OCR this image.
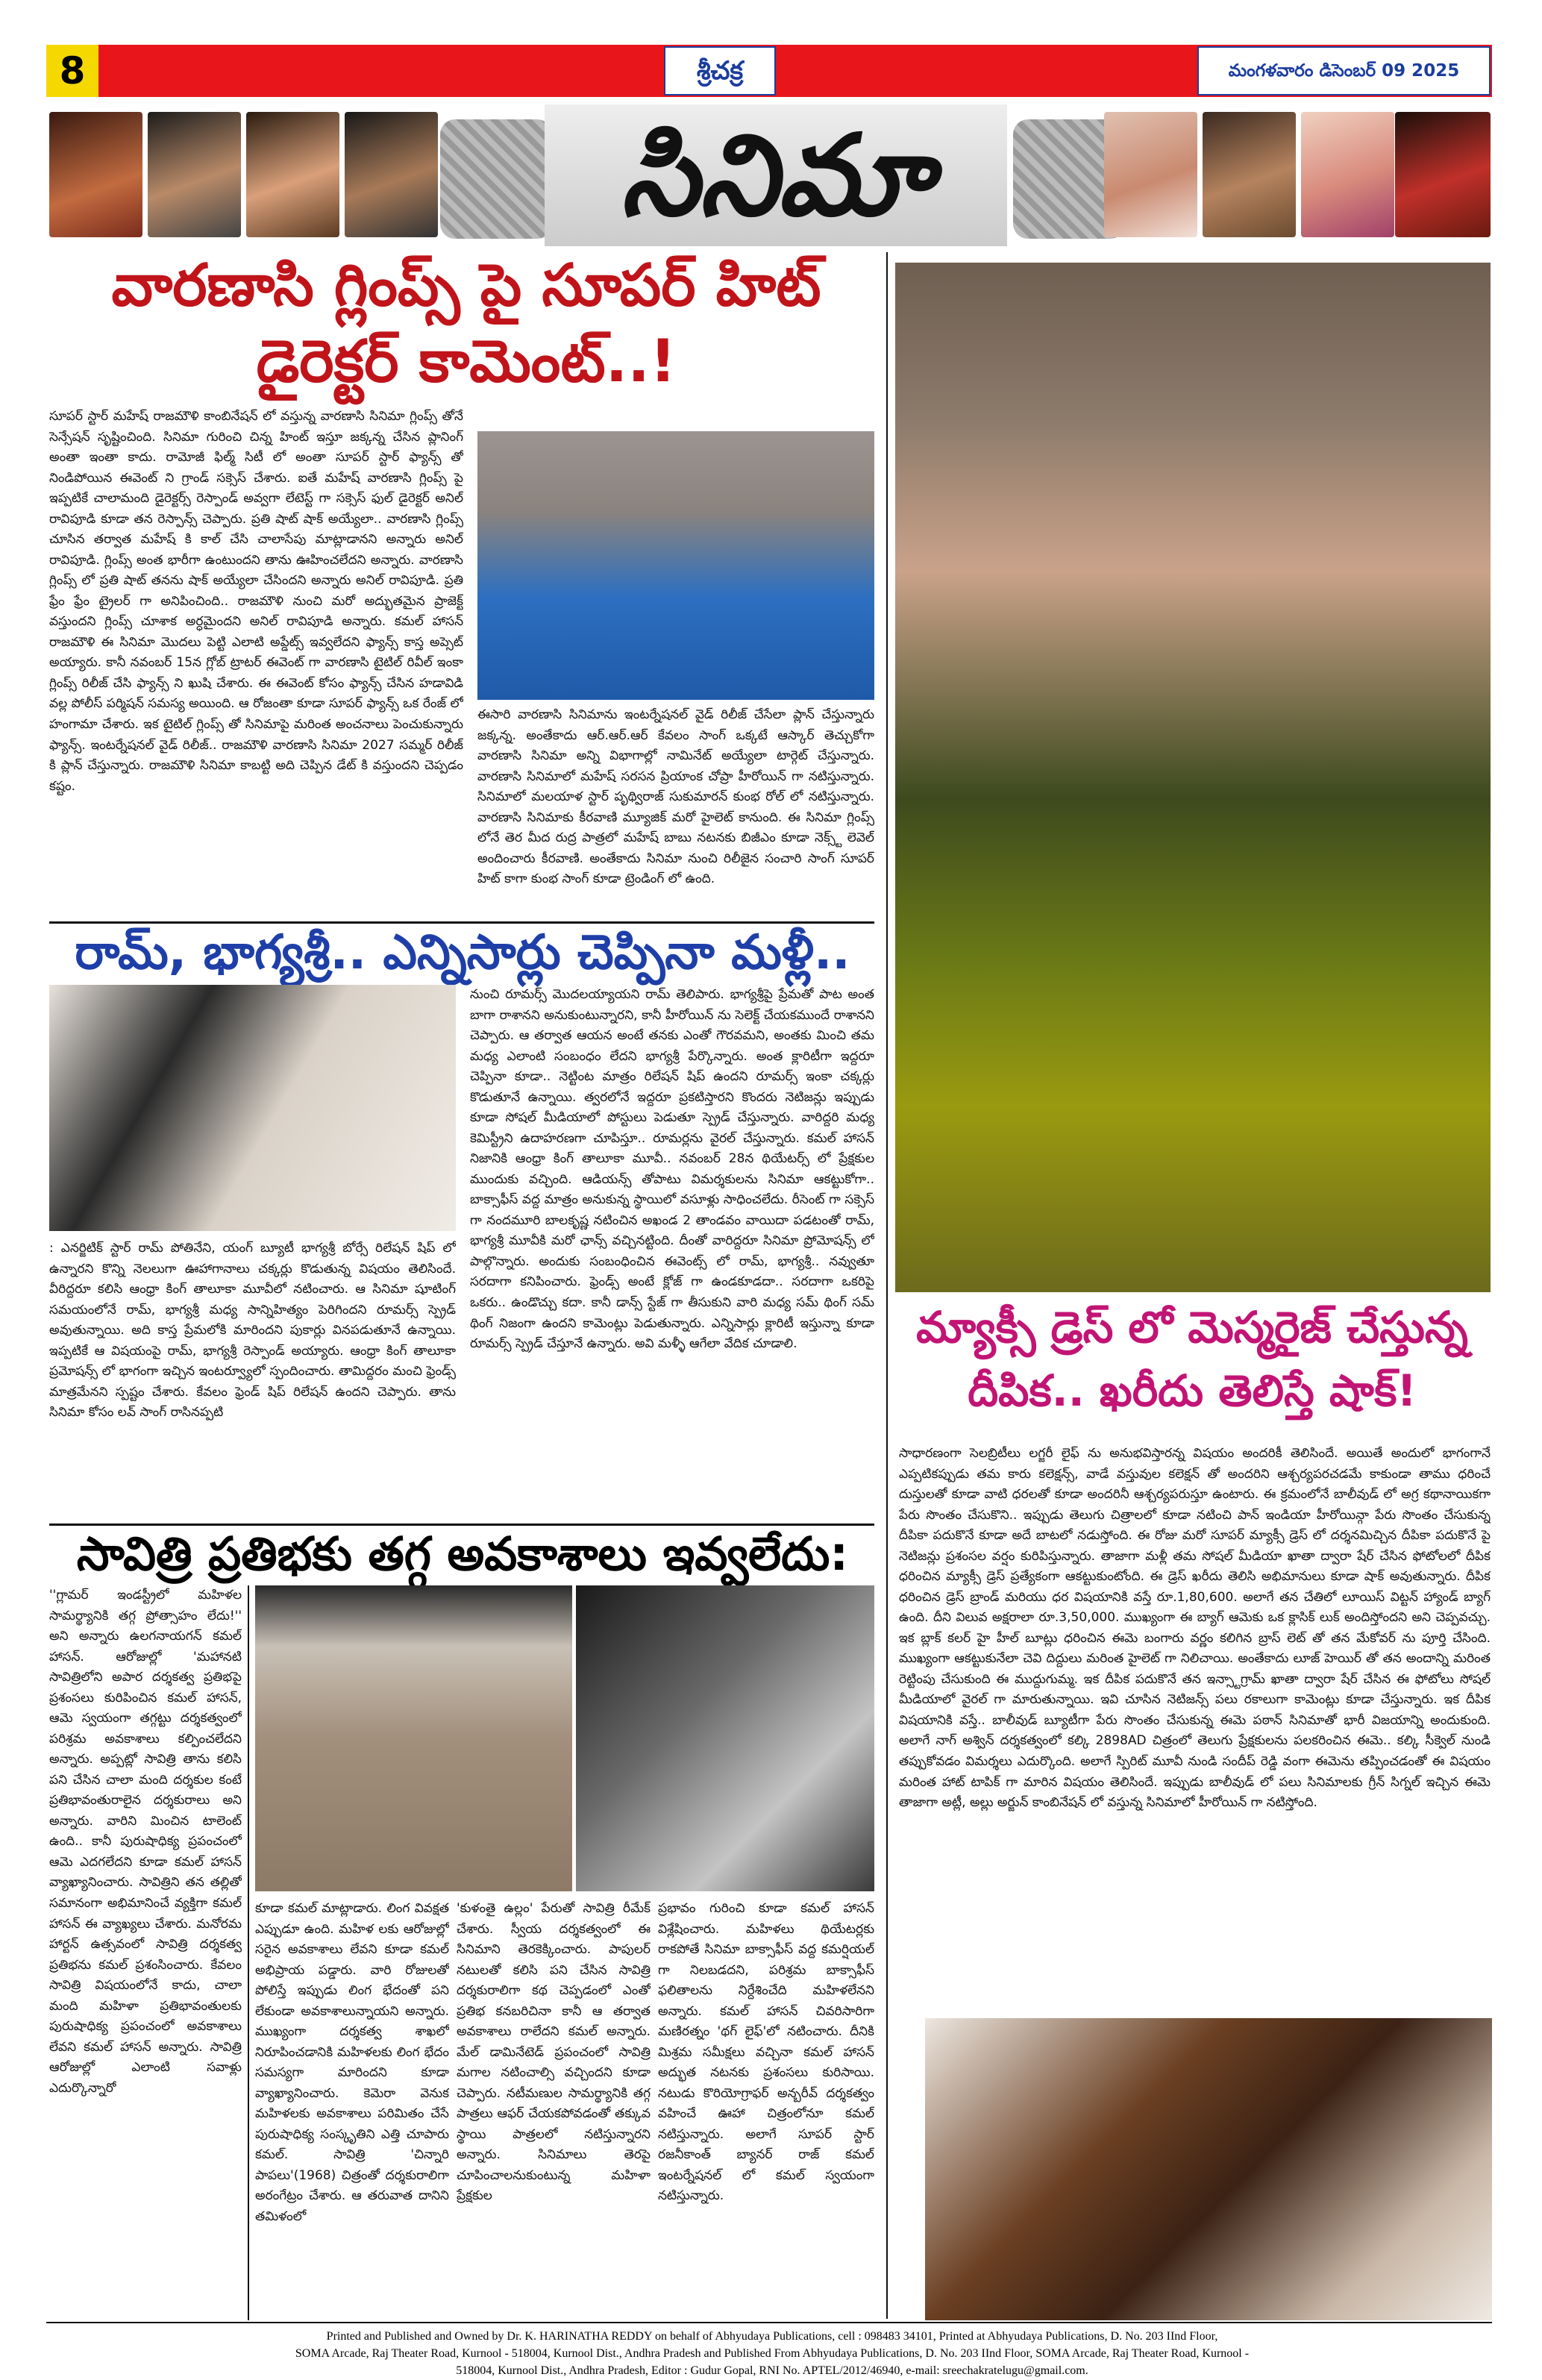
8	శ్రీచక్ర	మంగళవారం డిసెంబర్ 09 2025
సినిమా
వారణాసి గ్లింప్స్ పై సూపర్ హిట్
డైరెక్టర్ కామెంట్..!
సూపర్ స్టార్ మహేష్ రాజమౌళి కాంబినేషన్ లో వస్తున్న వారణాసి సినిమా గ్లింప్స్ తోనే సెన్సేషన్ సృష్టించింది. సినిమా గురించి చిన్న హింట్ ఇస్తూ జక్కన్న చేసిన ప్లానింగ్ అంతా ఇంతా కాదు. రామోజీ ఫిల్మ్ సిటీ లో అంతా సూపర్ స్టార్ ఫ్యాన్స్ తో నిండిపోయిన ఈవెంట్ ని గ్రాండ్ సక్సెస్ చేశారు. ఐతే మహేష్ వారణాసి గ్లింప్స్ పై ఇప్పటికే చాలామంది డైరెక్టర్స్ రెస్పాండ్ అవ్వగా లేటెస్ట్ గా సక్సెస్ ఫుల్ డైరెక్టర్ అనిల్ రావిపూడి కూడా తన రెస్పాన్స్ చెప్పారు. ప్రతి షాట్ షాక్ అయ్యేలా.. వారణాసి గ్లింప్స్ చూసిన తర్వాత మహేష్ కి కాల్ చేసి చాలాసేపు మాట్లాడానని అన్నారు అనిల్ రావిపూడి. గ్లింప్స్ అంత భారీగా ఉంటుందని తాను ఊహించలేదని అన్నారు. వారణాసి గ్లింప్స్ లో ప్రతి షాట్ తనను షాక్ అయ్యేలా చేసిందని అన్నారు అనిల్ రావిపూడి. ప్రతి ఫ్రేం ఫ్రేం ట్రైలర్ గా అనిపించింది.. రాజమౌళి నుంచి మరో అద్భుతమైన ప్రాజెక్ట్ వస్తుందని గ్లింప్స్ చూశాక అర్ధమైందని అనిల్ రావిపూడి అన్నారు. కమల్ హాసన్ రాజమౌళి ఈ సినిమా మొదలు పెట్టి ఎలాటి అప్డేట్స్ ఇవ్వలేదని ఫ్యాన్స్ కాస్త అప్సెట్ అయ్యారు. కానీ నవంబర్ 15న గ్లోబ్ ట్రాటర్ ఈవెంట్ గా వారణాసి టైటిల్ రివీల్ ఇంకా గ్లింప్స్ రిలీజ్ చేసి ఫ్యాన్స్ ని ఖుషి చేశారు. ఈ ఈవెంట్ కోసం ఫ్యాన్స్ చేసిన హడావిడి వల్ల పోలీస్ పర్మిషన్ సమస్య అయింది. ఆ రోజంతా కూడా సూపర్ ఫ్యాన్స్ ఒక రేంజ్ లో హంగామా చేశారు. ఇక టైటిల్ గ్లింప్స్ తో సినిమాపై మరింత అంచనాలు పెంచుకున్నారు ఫ్యాన్స్. ఇంటర్నేషనల్ వైడ్ రిలీజ్.. రాజమౌళి వారణాసి సినిమా 2027 సమ్మర్ రిలీజ్ కి ప్లాన్ చేస్తున్నారు. రాజమౌళి సినిమా కాబట్టి అది చెప్పిన డేట్ కి వస్తుందని చెప్పడం కష్టం.
ఈసారి వారణాసి సినిమాను ఇంటర్నేషనల్ వైడ్ రిలీజ్ చేసేలా ప్లాన్ చేస్తున్నారు జక్కన్న. అంతేకాదు ఆర్.ఆర్.ఆర్ కేవలం సాంగ్ ఒక్కటే ఆస్కార్ తెచ్చుకోగా వారణాసి సినిమా అన్ని విభాగాల్లో నామినేట్ అయ్యేలా టార్గెట్ చేస్తున్నారు. వారణాసి సినిమాలో మహేష్ సరసన ప్రియాంక చోప్రా హీరోయిన్ గా నటిస్తున్నారు. సినిమాలో మలయాళ స్టార్ పృథ్విరాజ్ సుకుమారన్ కుంభ రోల్ లో నటిస్తున్నారు. వారణాసి సినిమాకు కీరవాణి మ్యూజిక్ మరో హైలెట్ కానుంది. ఈ సినిమా గ్లింప్స్ లోనే తెర మీద రుద్ర పాత్రలో మహేష్ బాబు నటనకు బిజీఎం కూడా నెక్స్ట్ లెవెల్ అందించారు కీరవాణి. అంతేకాదు సినిమా నుంచి రిలీజైన సంచారి సాంగ్ సూపర్ హిట్ కాగా కుంభ సాంగ్ కూడా ట్రెండింగ్ లో ఉంది.
రామ్, భాగ్యశ్రీ.. ఎన్నిసార్లు చెప్పినా మళ్లీ..
: ఎనర్జిటిక్ స్టార్ రామ్ పోతినేని, యంగ్ బ్యూటీ భాగ్యశ్రీ బోర్సే రిలేషన్ షిప్ లో ఉన్నారని కొన్ని నెలలుగా ఊహాగానాలు చక్కర్లు కొడుతున్న విషయం తెలిసిందే. వీరిద్దరూ కలిసి ఆంధ్రా కింగ్ తాలూకా మూవీలో నటించారు. ఆ సినిమా షూటింగ్ సమయంలోనే రామ్, భాగ్యశ్రీ మధ్య సాన్నిహిత్యం పెరిగిందని రూమర్స్ స్ప్రెడ్ అవుతున్నాయి. అది కాస్త ప్రేమలోకి మారిందని పుకార్లు వినపడుతూనే ఉన్నాయి. ఇప్పటికే ఆ విషయంపై రామ్, భాగ్యశ్రీ రెస్పాండ్ అయ్యారు. ఆంధ్రా కింగ్ తాలూకా ప్రమోషన్స్ లో భాగంగా ఇచ్చిన ఇంటర్వ్యూలో స్పందించారు. తామిద్దరం మంచి ఫ్రెండ్స్ మాత్రమేనని స్పష్టం చేశారు. కేవలం ఫ్రెండ్ షిప్ రిలేషన్ ఉందని చెప్పారు. తాను సినిమా కోసం లవ్ సాంగ్ రాసినప్పటి
నుంచి రూమర్స్ మొదలయ్యాయని రామ్ తెలిపారు. భాగ్యశ్రీపై ప్రేమతో పాట అంత బాగా రాశానని అనుకుంటున్నారని, కానీ హీరోయిన్ ను సెలెక్ట్ చేయకముందే రాశానని చెప్పారు. ఆ తర్వాత ఆయన అంటే తనకు ఎంతో గౌరవమని, అంతకు మించి తమ మధ్య ఎలాంటి సంబంధం లేదని భాగ్యశ్రీ పేర్కొన్నారు. అంత క్లారిటీగా ఇద్దరూ చెప్పినా కూడా.. నెట్టింట మాత్రం రిలేషన్ షిప్ ఉందని రూమర్స్ ఇంకా చక్కర్లు కొడుతూనే ఉన్నాయి. త్వరలోనే ఇద్దరూ ప్రకటిస్తారని కొందరు నెటిజన్లు ఇప్పుడు కూడా సోషల్ మీడియాలో పోస్టులు పెడుతూ స్ప్రెడ్ చేస్తున్నారు. వారిద్దరి మధ్య కెమిస్ట్రీని ఉదాహరణగా చూపిస్తూ.. రూమర్లను వైరల్ చేస్తున్నారు. కమల్ హాసన్ నిజానికి ఆంధ్రా కింగ్ తాలూకా మూవీ.. నవంబర్ 28న థియేటర్స్ లో ప్రేక్షకుల ముందుకు వచ్చింది. ఆడియన్స్ తోపాటు విమర్శకులను సినిమా ఆకట్టుకోగా.. బాక్సాఫీస్ వద్ద మాత్రం అనుకున్న స్థాయిలో వసూళ్లు సాధించలేదు. రీసెంట్ గా సక్సెస్ గా నందమూరి బాలకృష్ణ నటించిన అఖండ 2 తాండవం వాయిదా పడటంతో రామ్, భాగ్యశ్రీ మూవీకి మరో ఛాన్స్ వచ్చినట్టింది. దీంతో వారిద్దరూ సినిమా ప్రోమోషన్స్ లో పాల్గొన్నారు. అందుకు సంబంధించిన ఈవెంట్స్ లో రామ్, భాగ్యశ్రీ.. నవ్వుతూ సరదాగా కనిపించారు. ఫ్రెండ్స్ అంటే క్లోజ్ గా ఉండకూడదా.. సరదాగా ఒకరిపై ఒకరు.. ఉండొచ్చు కదా. కానీ డాన్స్ స్టేజ్ గా తీసుకుని వారి మధ్య సమ్ థింగ్ సమ్ థింగ్ నిజంగా ఉందని కామెంట్లు పెడుతున్నారు. ఎన్నిసార్లు క్లారిటీ ఇస్తున్నా కూడా రూమర్స్ స్ప్రెడ్ చేస్తూనే ఉన్నారు. అవి మళ్ళీ ఆగేలా వేదిక చూడాలి.
సావిత్రి ప్రతిభకు తగ్గ అవకాశాలు ఇవ్వలేదు:
''గ్లామర్ ఇండస్ట్రీలో మహిళల సామర్థ్యానికి తగ్గ ప్రోత్సాహం లేదు!'' అని అన్నారు ఉలగనాయగన్ కమల్ హాసన్. ఆరోజుల్లో 'మహానటి సావిత్రిలోని అపార దర్శకత్వ ప్రతిభపై ప్రశంసలు కురిపించిన కమల్ హాసన్, ఆమె స్వయంగా తగ్గట్టు దర్శకత్వంలో పరిశ్రమ అవకాశాలు కల్పించలేదని అన్నారు. అప్పట్లో సావిత్రి తాను కలిసి పని చేసిన చాలా మంది దర్శకుల కంటే ప్రతిభావంతురాలైన దర్శకురాలు అని అన్నారు. వారిని మించిన టాలెంట్ ఉంది.. కానీ పురుషాధిక్య ప్రపంచంలో ఆమె ఎదగలేదని కూడా కమల్ హాసన్ వ్యాఖ్యానించారు. సావిత్రిని తన తల్లితో సమానంగా అభిమానించే వ్యక్తిగా కమల్ హాసన్ ఈ వ్యాఖ్యలు చేశారు. మనోరమ హార్టన్ ఉత్సవంలో సావిత్రి దర్శకత్వ ప్రతిభను కమల్ ప్రశంసించారు. కేవలం సావిత్రి విషయంలోనే కాదు, చాలా మంది మహిళా ప్రతిభావంతులకు పురుషాధిక్య ప్రపంచంలో అవకాశాలు లేవని కమల్ హాసన్ అన్నారు. సావిత్రి ఆరోజుల్లో ఎలాంటి సవాళ్లు ఎదుర్కొన్నారో
కూడా కమల్ మాట్లాడారు. లింగ వివక్షత ఎప్పుడూ ఉంది. మహిళ లకు ఆరోజుల్లో సరైన అవకాశాలు లేవని కూడా కమల్ అభిప్రాయ పడ్డారు. వారి రోజులతో పోలిస్తే ఇప్పుడు లింగ భేదంతో పని లేకుండా అవకాశాలున్నాయని అన్నారు. ముఖ్యంగా దర్శకత్వ శాఖలో నిరూపించడానికి మహిళలకు లింగ భేదం సమస్యగా మారిందని కూడా వ్యాఖ్యానించారు. కెమెరా వెనుక మహిళలకు అవకాశాలు పరిమితం చేసే పురుషాధిక్య సంస్కృతిని ఎత్తి చూపారు కమల్. సావిత్రి 'చిన్నారి పాపలు'(1968) చిత్రంతో దర్శకురాలిగా అరంగేట్రం చేశారు. ఆ తరువాత దానిని తమిళంలో
'కుళంతై ఉల్లం' పేరుతో సావిత్రి రీమేక్ చేశారు. స్వీయ దర్శకత్వంలో ఈ సినిమాని తెరకెక్కించారు. పాపులర్ నటులతో కలిసి పని చేసిన సావిత్రి దర్శకురాలిగా కథ చెప్పడంలో ఎంతో ప్రతిభ కనబరిచినా కానీ ఆ తర్వాత అవకాశాలు రాలేదని కమల్ అన్నారు. మేల్ డామినేటెడ్ ప్రపంచంలో సావిత్రి మగాల నటించాల్సి వచ్చిందని కూడా చెప్పారు. నటీమణుల సామర్థ్యానికి తగ్గ పాత్రలు ఆఫర్ చేయకపోవడంతో తక్కువ స్థాయి పాత్రలలో నటిస్తున్నారని అన్నారు. సినిమాలు తెరపై చూపించాలనుకుంటున్న మహిళా ప్రేక్షకుల
ప్రభావం గురించి కూడా కమల్ హాసన్ విశ్లేషించారు. మహిళలు థియేటర్లకు రాకపోతే సినిమా బాక్సాఫీస్ వద్ద కమర్షియల్ గా నిలబడదని, పరిశ్రమ బాక్సాఫీస్ ఫలితాలను నిర్దేశించేది మహిళలేనని అన్నారు. కమల్ హాసన్ చివరిసారిగా మణిరత్నం 'థగ్ లైఫ్'లో నటించారు. దీనికి మిశ్రమ సమీక్షలు వచ్చినా కమల్ హాసన్ అద్భుత నటనకు ప్రశంసలు కురిసాయి. నటుడు కొరియోగ్రాఫర్ అన్బరీవ్ దర్శకత్వం వహించే ఊహా చిత్రంలోనూ కమల్ నటిస్తున్నారు. అలాగే సూపర్ స్టార్ రజనీకాంత్ బ్యానర్ రాజ్ కమల్ ఇంటర్నేషనల్ లో కమల్ స్వయంగా నటిస్తున్నారు.
మ్యాక్సీ డ్రెస్ లో మెస్మరైజ్ చేస్తున్న
దీపిక.. ఖరీదు తెలిస్తే షాక్!
సాధారణంగా సెలబ్రిటీలు లగ్జరీ లైఫ్ ను అనుభవిస్తారన్న విషయం అందరికీ తెలిసిందే. అయితే అందులో భాగంగానే ఎప్పటికప్పుడు తమ కారు కలెక్షన్స్, వాడే వస్తువుల కలెక్షన్ తో అందరిని ఆశ్చర్యపరచడమే కాకుండా తాము ధరించే దుస్తులతో కూడా వాటి ధరలతో కూడా అందరినీ ఆశ్చర్యపరుస్తూ ఉంటారు. ఈ క్రమంలోనే బాలీవుడ్ లో అగ్ర కథానాయికగా పేరు సొంతం చేసుకొని.. ఇప్పుడు తెలుగు చిత్రాలలో కూడా నటించి పాన్ ఇండియా హీరోయిన్గా పేరు సొంతం చేసుకున్న దీపికా పదుకొనే కూడా అదే బాటలో నడుస్తోంది. ఈ రోజు మరో సూపర్ మ్యాక్సీ డ్రెస్ లో దర్శనమిచ్చిన దీపికా పదుకొనే పై నెటిజన్లు ప్రశంసల వర్షం కురిపిస్తున్నారు. తాజాగా మళ్లీ తమ సోషల్ మీడియా ఖాతా ద్వారా షేర్ చేసిన ఫోటోలలో దీపిక ధరించిన మ్యాక్సీ డ్రెస్ ప్రత్యేకంగా ఆకట్టుకుంటోంది. ఈ డ్రెస్ ఖరీదు తెలిసి అభిమానులు కూడా షాక్ అవుతున్నారు. దీపిక ధరించిన డ్రెస్ బ్రాండ్ మరియు ధర విషయానికి వస్తే రూ.1,80,600. అలాగే తన చేతిలో లూయిస్ విట్టన్ హ్యాండ్ బ్యాగ్ ఉంది. దీని విలువ అక్షరాలా రూ.3,50,000. ముఖ్యంగా ఈ బ్యాగ్ ఆమెకు ఒక క్లాసిక్ లుక్ అందిస్తోందని అని చెప్పవచ్చు. ఇక బ్లాక్ కలర్ హై హీల్ బూట్లు ధరించిన ఈమె బంగారు వర్ణం కలిగిన బ్రాస్ లెట్ తో తన మేకోవర్ ను పూర్తి చేసింది. ముఖ్యంగా ఆకట్టుకునేలా చెవి దిద్దులు మరింత హైలెట్ గా నిలిచాయి. అంతేకాదు లూజ్ హెయిర్ తో తన అందాన్ని మరింత రెట్టింపు చేసుకుంది ఈ ముద్దుగుమ్మ. ఇక దీపిక పదుకొనే తన ఇన్స్టాగ్రామ్ ఖాతా ద్వారా షేర్ చేసిన ఈ ఫోటోలు సోషల్ మీడియాలో వైరల్ గా మారుతున్నాయి. ఇవి చూసిన నెటిజన్స్ పలు రకాలుగా కామెంట్లు కూడా చేస్తున్నారు. ఇక దీపిక విషయానికి వస్తే.. బాలీవుడ్ బ్యూటీగా పేరు సొంతం చేసుకున్న ఈమె పఠాన్ సినిమాతో భారీ విజయాన్ని అందుకుంది. అలాగే నాగ్ అశ్విన్ దర్శకత్వంలో కల్కి 2898AD చిత్రంలో తెలుగు ప్రేక్షకులను పలకరించిన ఈమె.. కల్కి సీక్వెల్ నుండి తప్పుకోవడం విమర్శలు ఎదుర్కొంది. అలాగే స్పిరిట్ మూవీ నుండి సందీప్ రెడ్డి వంగా ఈమెను తప్పించడంతో ఈ విషయం మరింత హాట్ టాపిక్ గా మారిన విషయం తెలిసిందే. ఇప్పుడు బాలీవుడ్ లో పలు సినిమాలకు గ్రీన్ సిగ్నల్ ఇచ్చిన ఈమె తాజాగా అట్లీ, అల్లు అర్జున్ కాంబినేషన్ లో వస్తున్న సినిమాలో హీరోయిన్ గా నటిస్తోంది.
Printed and Published and Owned by Dr. K. HARINATHA REDDY on behalf of Abhyudaya Publications, cell : 098483 34101, Printed at Abhyudaya Publications, D. No. 203 IInd Floor,
SOMA Arcade, Raj Theater Road, Kurnool - 518004, Kurnool Dist., Andhra Pradesh and Published From Abhyudaya Publications, D. No. 203 IInd Floor, SOMA Arcade, Raj Theater Road, Kurnool -
518004, Kurnool Dist., Andhra Pradesh, Editor : Gudur Gopal, RNI No. APTEL/2012/46940, e-mail: sreechakratelugu@gmail.com.
